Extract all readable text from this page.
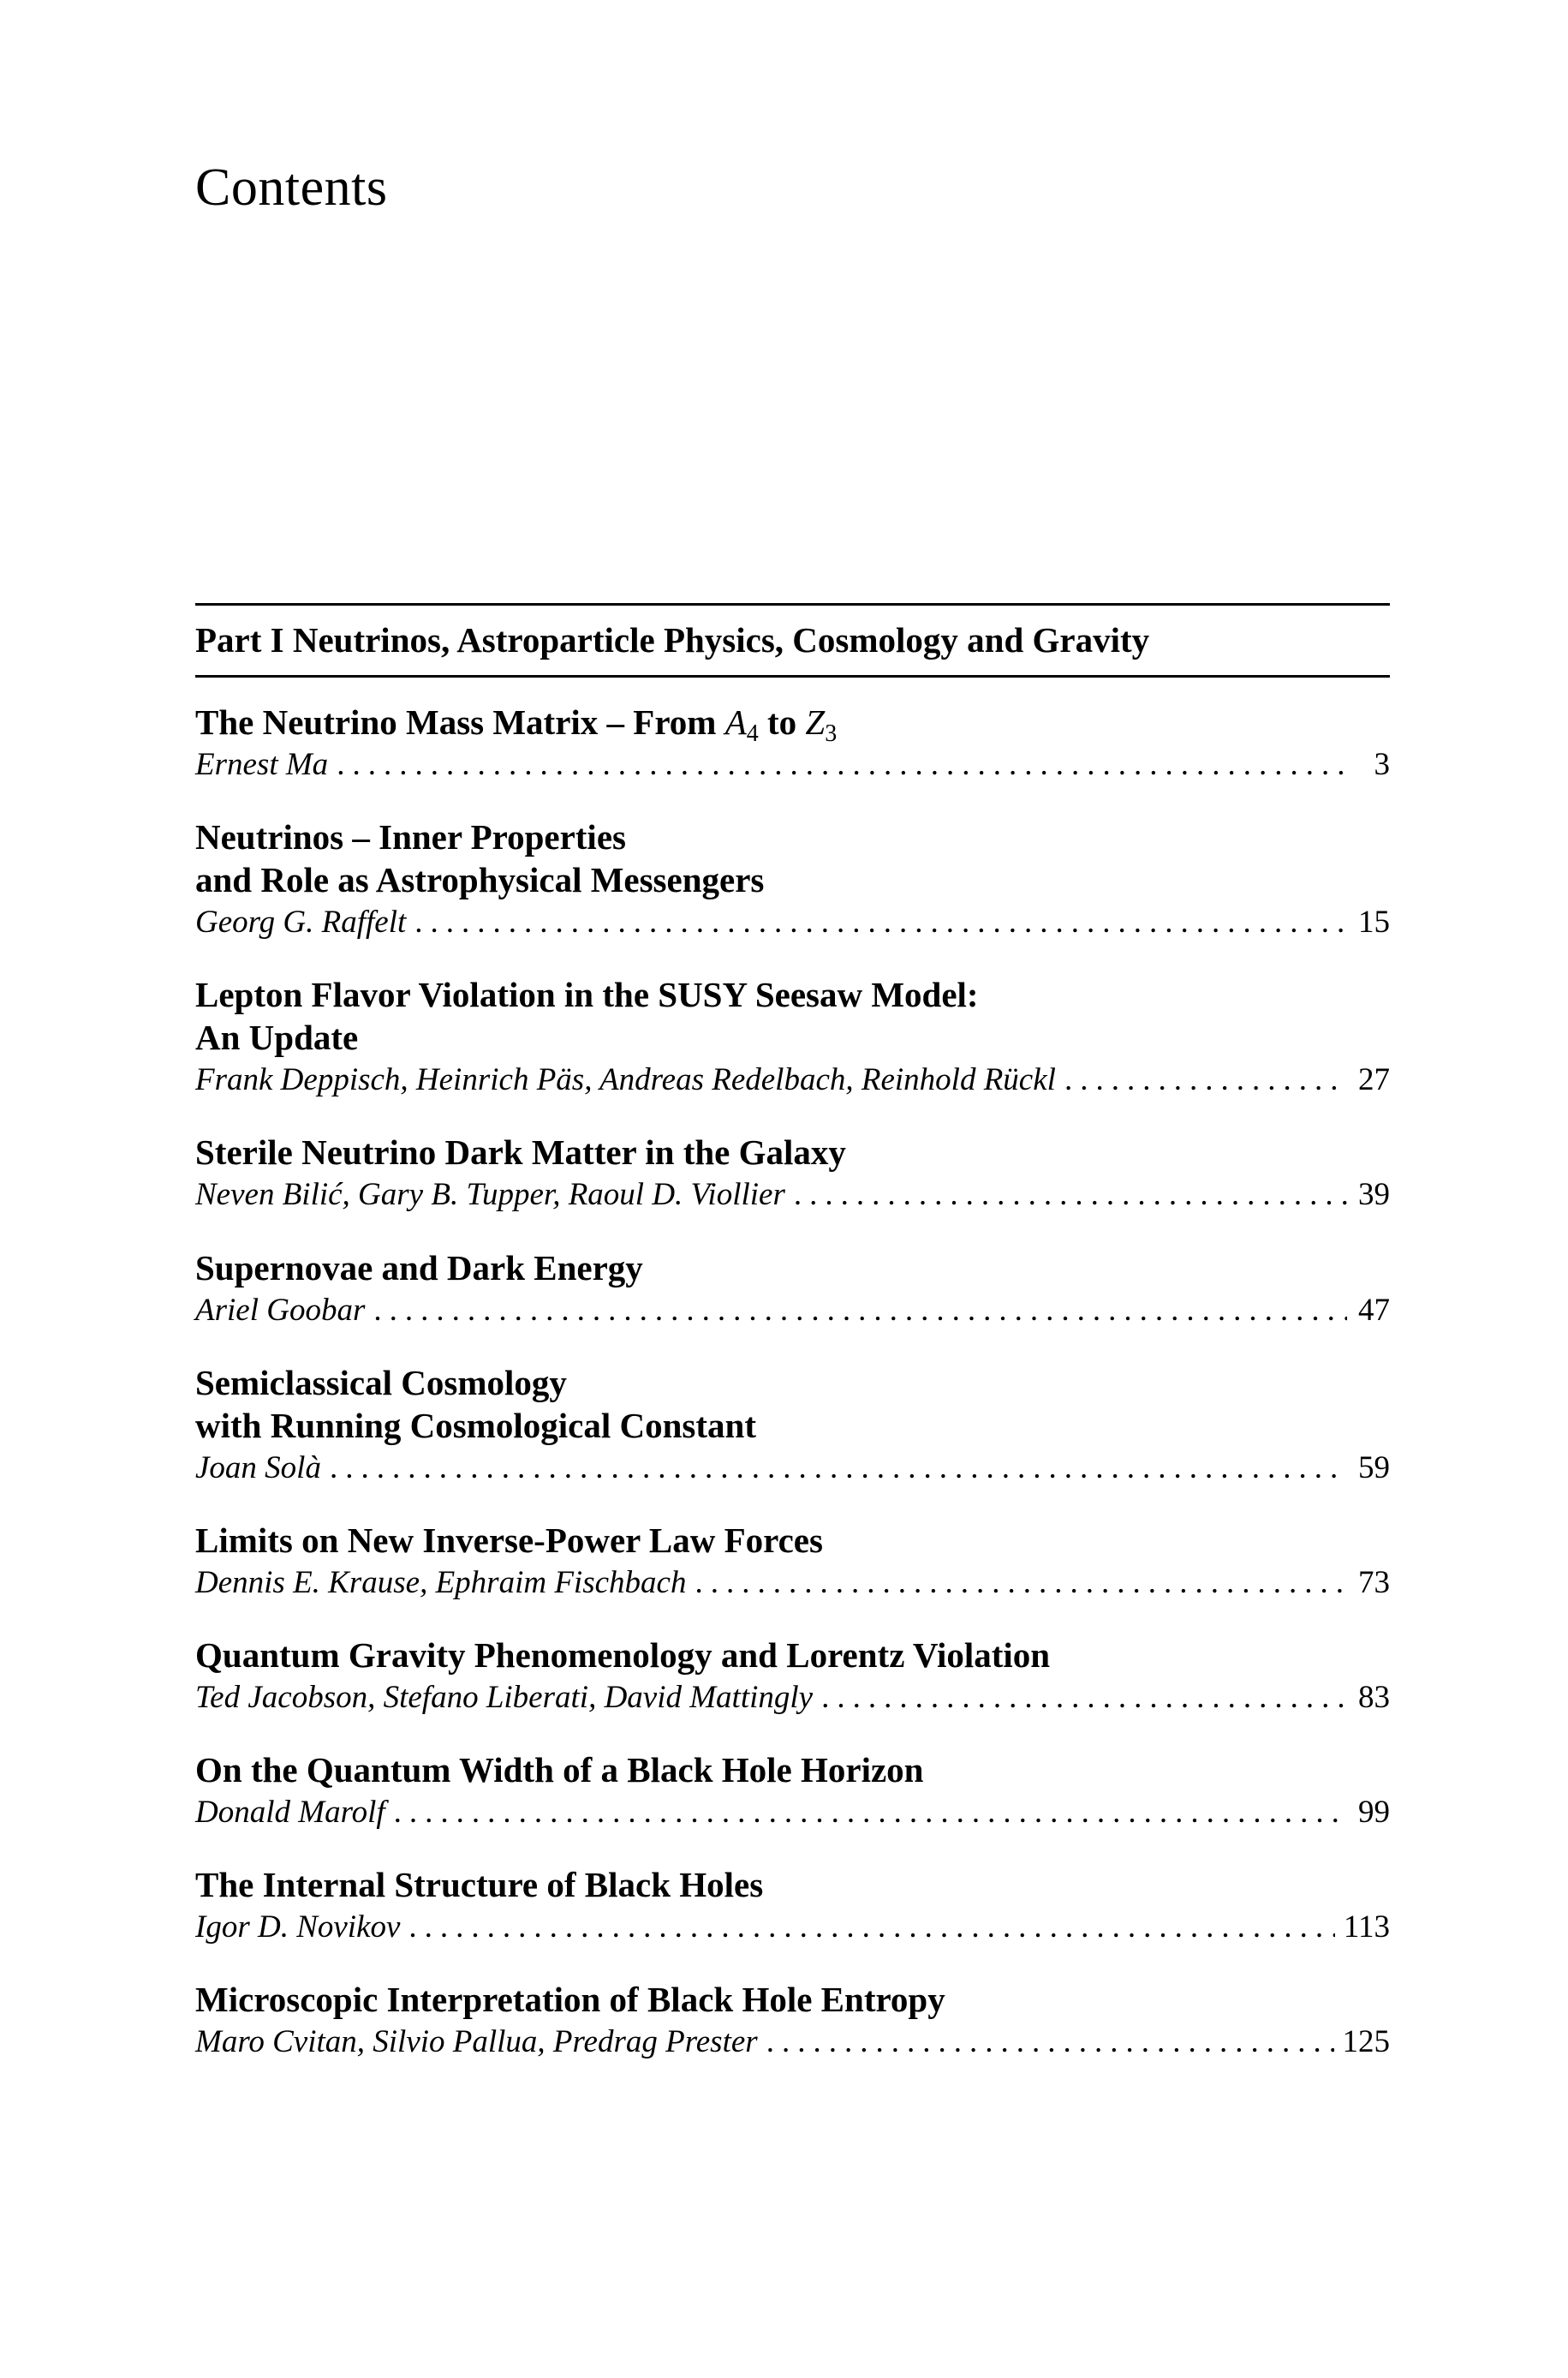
Contents
Part I Neutrinos, Astroparticle Physics, Cosmology and Gravity
The Neutrino Mass Matrix – From $A_4$ to $Z_3$
Ernest Ma .....	3
Neutrinos – Inner Properties
and Role as Astrophysical Messengers
Georg G. Raffelt .....	15
Lepton Flavor Violation in the SUSY Seesaw Model:
An Update
Frank Deppisch, Heinrich Päs, Andreas Redelbach, Reinhold Rückl .....	27
Sterile Neutrino Dark Matter in the Galaxy
Neven Bilić, Gary B. Tupper, Raoul D. Viollier .....	39
Supernovae and Dark Energy
Ariel Goobar .....	47
Semiclassical Cosmology
with Running Cosmological Constant
Joan Solà .....	59
Limits on New Inverse-Power Law Forces
Dennis E. Krause, Ephraim Fischbach .....	73
Quantum Gravity Phenomenology and Lorentz Violation
Ted Jacobson, Stefano Liberati, David Mattingly .....	83
On the Quantum Width of a Black Hole Horizon
Donald Marolf .....	99
The Internal Structure of Black Holes
Igor D. Novikov .....	113
Microscopic Interpretation of Black Hole Entropy
Maro Cvitan, Silvio Pallua, Predrag Prester .....	125
